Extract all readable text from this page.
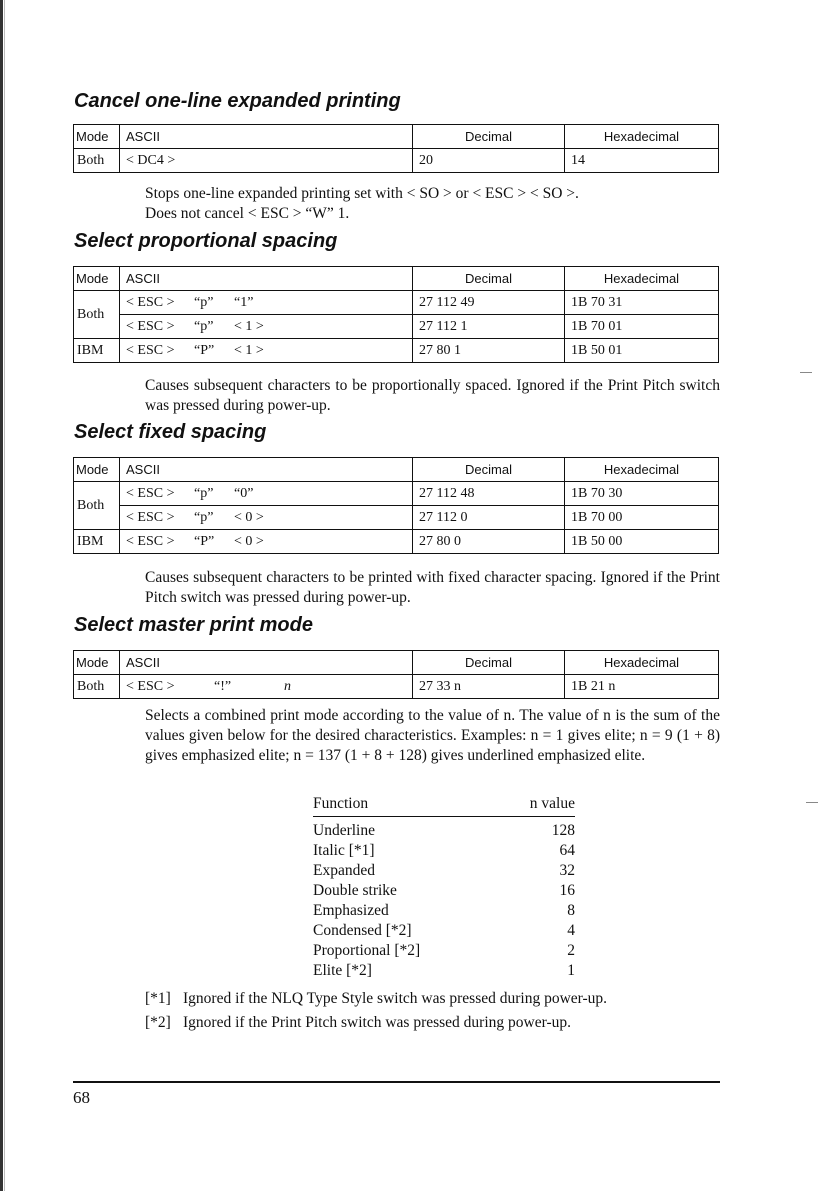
Cancel one-line expanded printing
Mode	ASCII	Decimal	Hexadecimal
Both	< DC4 >	20	14
Stops one-line expanded printing set with < SO > or < ESC > < SO >.
Does not cancel < ESC > “W” 1.
Select proportional spacing
Mode	ASCII	Decimal	Hexadecimal
Both	< ESC > “p” “1”	27 112 49	1B 70 31
	< ESC > “p” < 1 >	27 112 1	1B 70 01
IBM	< ESC > “P” < 1 >	27 80 1	1B 50 01
Causes subsequent characters to be proportionally spaced. Ignored if the Print Pitch switch was pressed during power-up.
Select fixed spacing
Mode	ASCII	Decimal	Hexadecimal
Both	< ESC > “p” “0”	27 112 48	1B 70 30
	< ESC > “p” < 0 >	27 112 0	1B 70 00
IBM	< ESC > “P” < 0 >	27 80 0	1B 50 00
Causes subsequent characters to be printed with fixed character spacing. Ignored if the Print Pitch switch was pressed during power-up.
Select master print mode
Mode	ASCII	Decimal	Hexadecimal
Both	< ESC > “!” n	27 33 n	1B 21 n
Selects a combined print mode according to the value of n. The value of n is the sum of the values given below for the desired characteristics. Examples: n = 1 gives elite; n = 9 (1 + 8) gives emphasized elite; n = 137 (1 + 8 + 128) gives underlined emphasized elite.
Function	n value
Underline	128
Italic [*1]	64
Expanded	32
Double strike	16
Emphasized	8
Condensed [*2]	4
Proportional [*2]	2
Elite [*2]	1
[*1] Ignored if the NLQ Type Style switch was pressed during power-up.
[*2] Ignored if the Print Pitch switch was pressed during power-up.
68
